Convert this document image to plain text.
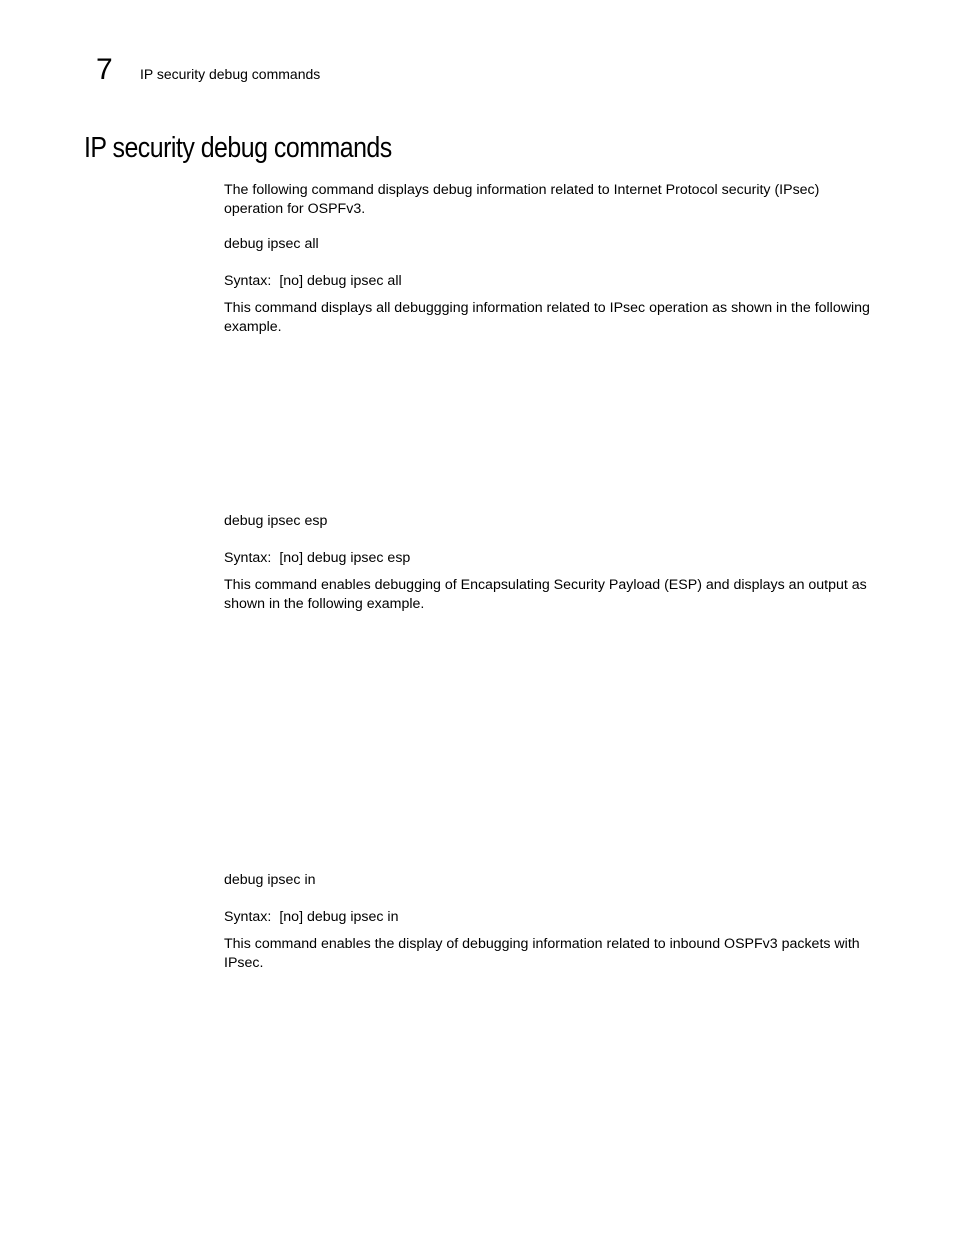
7 IP security debug commands
IP security debug commands

The following command displays debug information related to Internet Protocol security (IPsec) operation for OSPFv3.

debug ipsec all
Syntax: [no] debug ipsec all

This command displays all debuggging information related to IPsec operation as shown in the following example.

debug ipsec esp
Syntax: [no] debug ipsec esp

This command enables debugging of Encapsulating Security Payload (ESP) and displays an output as shown in the following example.

debug ipsec in
Syntax: [no] debug ipsec in

This command enables the display of debugging information related to inbound OSPFv3 packets with IPsec.
